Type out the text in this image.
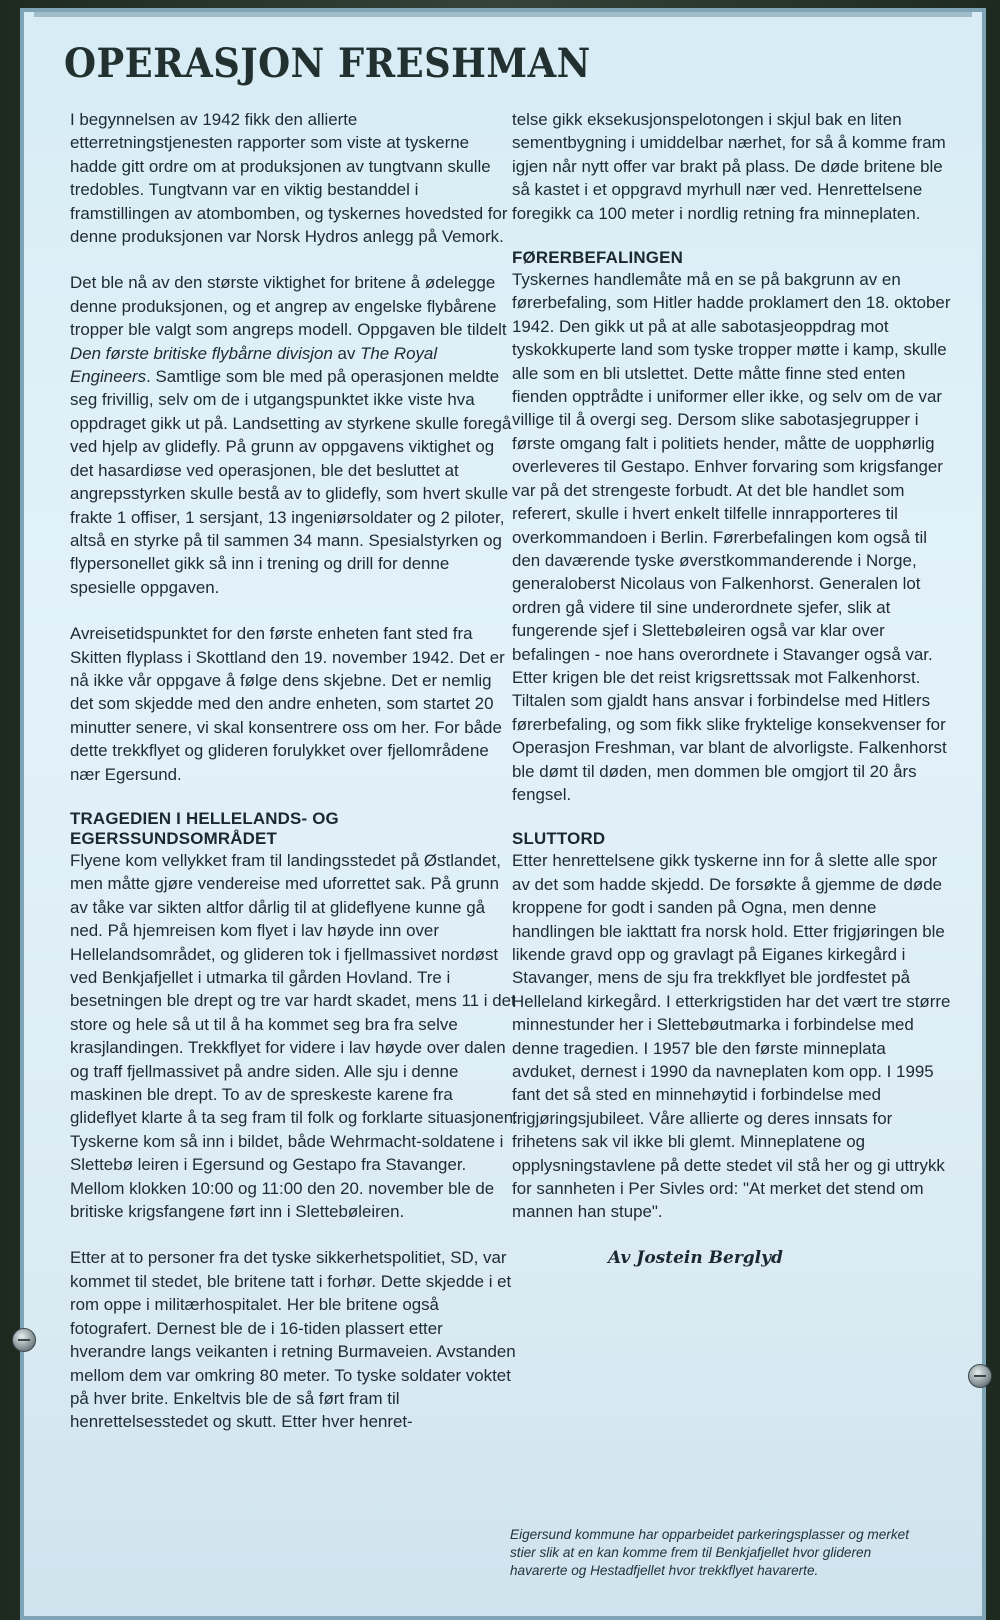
OPERASJON FRESHMAN

I begynnelsen av 1942 fikk den allierte etterretningstjenesten rapporter som viste at tyskerne hadde gitt ordre om at produksjonen av tungtvann skulle tredobles. Tungtvann var en viktig bestanddel i framstillingen av atombomben, og tyskernes hovedsted for denne produksjonen var Norsk Hydros anlegg på Vemork.

Det ble nå av den største viktighet for britene å ødelegge denne produksjonen, og et angrep av engelske flybårene tropper ble valgt som angreps modell. Oppgaven ble tildelt Den første britiske flybårne divisjon av The Royal Engineers. Samtlige som ble med på operasjonen meldte seg frivillig, selv om de i utgangspunktet ikke viste hva oppdraget gikk ut på. Landsetting av styrkene skulle foregå ved hjelp av glidefly. På grunn av oppgavens viktighet og det hasardiøse ved operasjonen, ble det besluttet at angrepsstyrken skulle bestå av to glidefly, som hvert skulle frakte 1 offiser, 1 sersjant, 13 ingeniørsoldater og 2 piloter, altså en styrke på til sammen 34 mann. Spesialstyrken og flypersonellet gikk så inn i trening og drill for denne spesielle oppgaven.

Avreisetidspunktet for den første enheten fant sted fra Skitten flyplass i Skottland den 19. november 1942. Det er nå ikke vår oppgave å følge dens skjebne. Det er nemlig det som skjedde med den andre enheten, som startet 20 minutter senere, vi skal konsentrere oss om her. For både dette trekkflyet og glideren forulykket over fjellområdene nær Egersund.

TRAGEDIEN I HELLELANDS- OG EGERSSUNDSOMRÅDET

Flyene kom vellykket fram til landingsstedet på Østlandet, men måtte gjøre vendereise med uforrettet sak. På grunn av tåke var sikten altfor dårlig til at glideflyene kunne gå ned. På hjemreisen kom flyet i lav høyde inn over Hellelandsområdet, og glideren tok i fjellmassivet nordøst ved Benkjafjellet i utmarka til gården Hovland. Tre i besetningen ble drept og tre var hardt skadet, mens 11 i det store og hele så ut til å ha kommet seg bra fra selve krasjlandingen. Trekkflyet for videre i lav høyde over dalen og traff fjellmassivet på andre siden. Alle sju i denne maskinen ble drept. To av de spreskeste karene fra glideflyet klarte å ta seg fram til folk og forklarte situasjonen. Tyskerne kom så inn i bildet, både Wehrmacht-soldatene i Slettebø leiren i Egersund og Gestapo fra Stavanger. Mellom klokken 10:00 og 11:00 den 20. november ble de britiske krigsfangene ført inn i Slettebøleiren.

Etter at to personer fra det tyske sikkerhetspolitiet, SD, var kommet til stedet, ble britene tatt i forhør. Dette skjedde i et rom oppe i militærhospitalet. Her ble britene også fotografert. Dernest ble de i 16-tiden plassert etter hverandre langs veikanten i retning Burmaveien. Avstanden mellom dem var omkring 80 meter. To tyske soldater voktet på hver brite. Enkeltvis ble de så ført fram til henrettelsesstedet og skutt. Etter hver henret-

telse gikk eksekusjonspelotongen i skjul bak en liten sementbygning i umiddelbar nærhet, for så å komme fram igjen når nytt offer var brakt på plass. De døde britene ble så kastet i et oppgravd myrhull nær ved. Henrettelsene foregikk ca 100 meter i nordlig retning fra minneplaten.

FØRERBEFALINGEN

Tyskernes handlemåte må en se på bakgrunn av en førerbefaling, som Hitler hadde proklamert den 18. oktober 1942. Den gikk ut på at alle sabotasjeoppdrag mot tyskokkuperte land som tyske tropper møtte i kamp, skulle alle som en bli utslettet. Dette måtte finne sted enten fienden opptrådte i uniformer eller ikke, og selv om de var villige til å overgi seg. Dersom slike sabotasjegrupper i første omgang falt i politiets hender, måtte de uopphørlig overleveres til Gestapo. Enhver forvaring som krigsfanger var på det strengeste forbudt. At det ble handlet som referert, skulle i hvert enkelt tilfelle innrapporteres til overkommandoen i Berlin. Førerbefalingen kom også til den daværende tyske øverstkommanderende i Norge, generaloberst Nicolaus von Falkenhorst. Generalen lot ordren gå videre til sine underordnete sjefer, slik at fungerende sjef i Slettebøleiren også var klar over befalingen - noe hans overordnete i Stavanger også var. Etter krigen ble det reist krigsrettssak mot Falkenhorst. Tiltalen som gjaldt hans ansvar i forbindelse med Hitlers førerbefaling, og som fikk slike fryktelige konsekvenser for Operasjon Freshman, var blant de alvorligste. Falkenhorst ble dømt til døden, men dommen ble omgjort til 20 års fengsel.

SLUTTORD

Etter henrettelsene gikk tyskerne inn for å slette alle spor av det som hadde skjedd. De forsøkte å gjemme de døde kroppene for godt i sanden på Ogna, men denne handlingen ble iakttatt fra norsk hold. Etter frigjøringen ble likende gravd opp og gravlagt på Eiganes kirkegård i Stavanger, mens de sju fra trekkflyet ble jordfestet på Helleland kirkegård. I etterkrigstiden har det vært tre større minnestunder her i Slettebøutmarka i forbindelse med denne tragedien. I 1957 ble den første minneplata avduket, dernest i 1990 da navneplaten kom opp. I 1995 fant det så sted en minnehøytid i forbindelse med frigjøringsjubileet. Våre allierte og deres innsats for frihetens sak vil ikke bli glemt. Minneplatene og opplysningstavlene på dette stedet vil stå her og gi uttrykk for sannheten i Per Sivles ord: "At merket det stend om mannen han stupe".

Av Jostein Berglyd

Eigersund kommune har opparbeidet parkeringsplasser og merket stier slik at en kan komme frem til Benkjafjellet hvor glideren havarerte og Hestadfjellet hvor trekkflyet havarerte.
